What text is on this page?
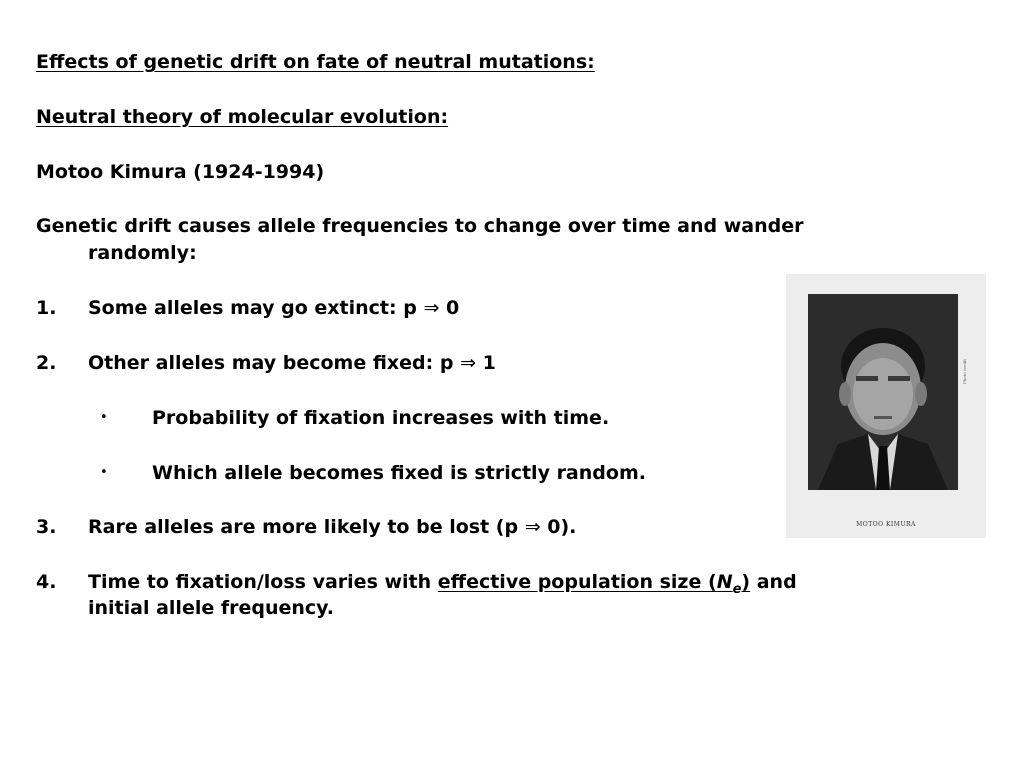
Effects of genetic drift on fate of neutral mutations:
Neutral theory of molecular evolution:
Motoo Kimura (1924-1994)
Genetic drift causes allele frequencies to change over time and wander
randomly:
1. Some alleles may go extinct: p ⇒ 0
2. Other alleles may become fixed: p ⇒ 1
• Probability of fixation increases with time.
• Which allele becomes fixed is strictly random.
3. Rare alleles are more likely to be lost (p ⇒ 0).
4. Time to fixation/loss varies with effective population size $(N_e)$ and
initial allele frequency.
MOTOO KIMURA
Photo credit
